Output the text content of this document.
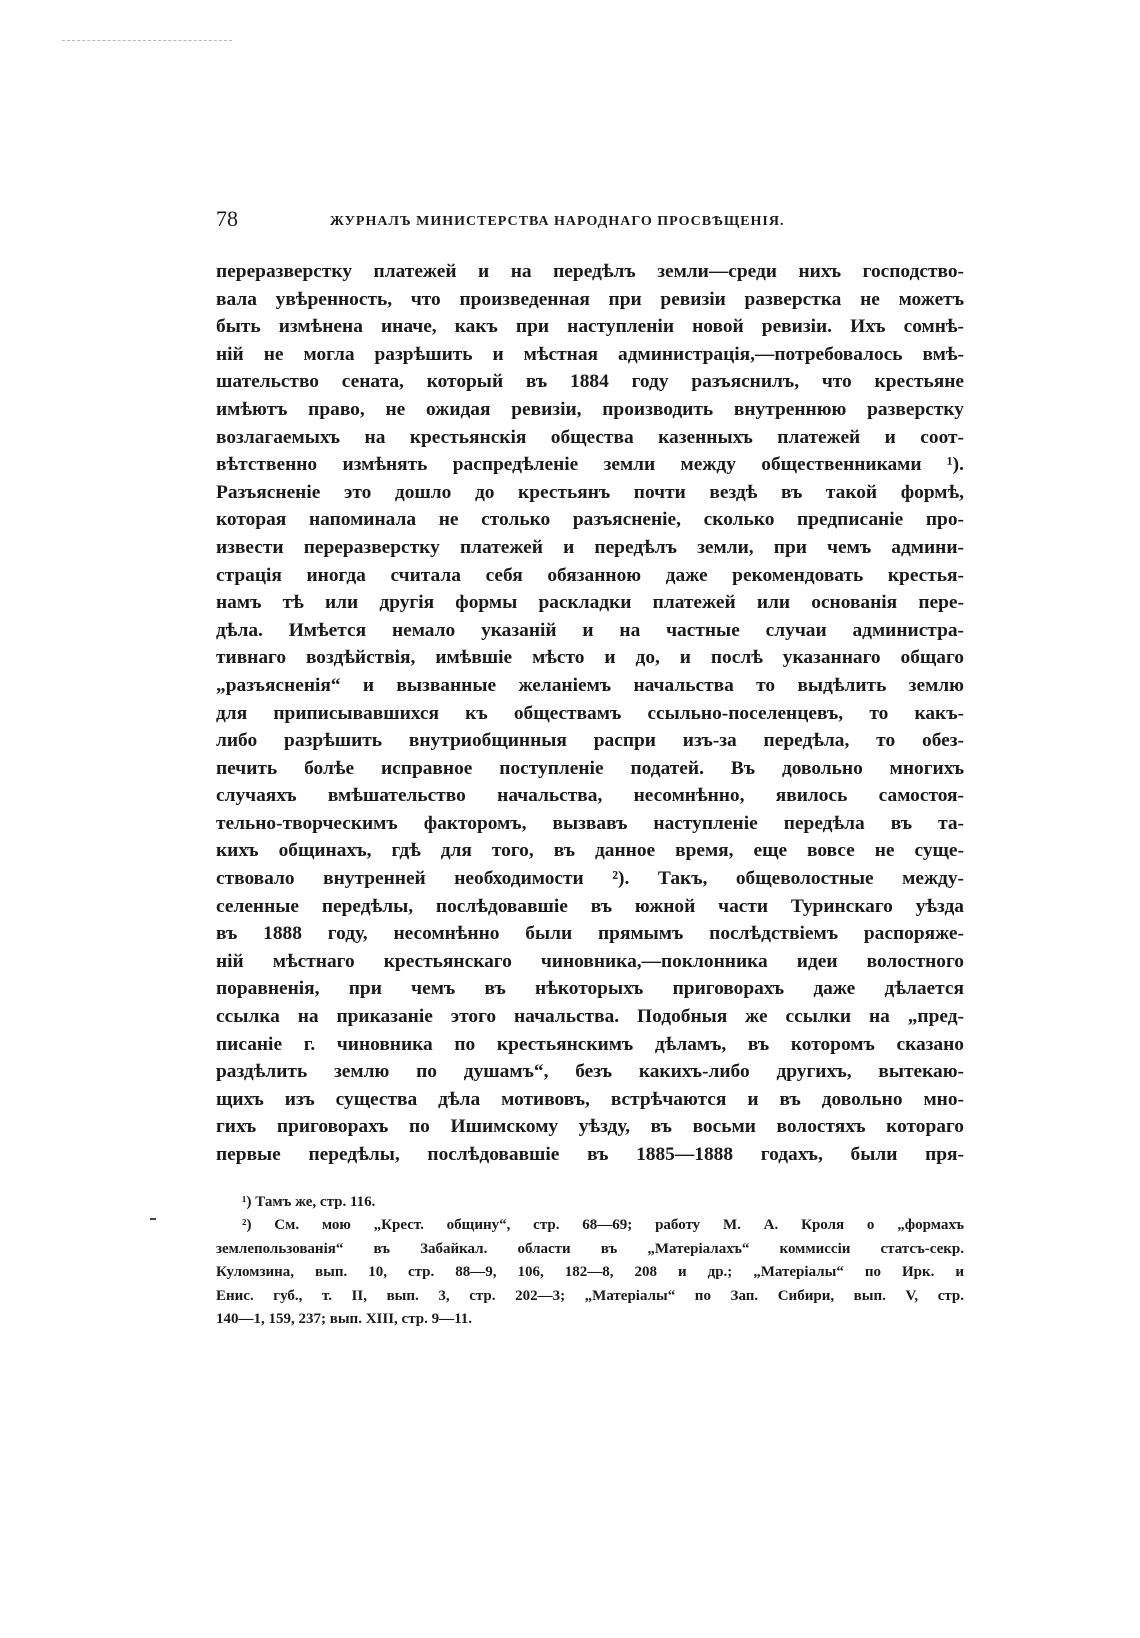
78	ЖУРНАЛЪ МИНИСТЕРСТВА НАРОДНАГО ПРОСВѢЩЕНІЯ.
переразверстку платежей и на передѣлъ земли—среди нихъ господство-
вала увѣренность, что произведенная при ревизіи разверстка не можетъ
быть измѣнена иначе, какъ при наступленіи новой ревизіи. Ихъ сомнѣ-
ній не могла разрѣшить и мѣстная администрація,—потребовалось вмѣ-
шательство сената, который въ 1884 году разъяснилъ, что крестьяне
имѣютъ право, не ожидая ревизіи, производить внутреннюю разверстку
возлагаемыхъ на крестьянскія общества казенныхъ платежей и соот-
вѣтственно измѣнять распредѣленіе земли между общественниками ¹).
Разъясненіе это дошло до крестьянъ почти вездѣ въ такой формѣ,
которая напоминала не столько разъясненіе, сколько предписаніе про-
извести переразверстку платежей и передѣлъ земли, при чемъ админи-
страція иногда считала себя обязанною даже рекомендовать крестья-
намъ тѣ или другія формы раскладки платежей или основанія пере-
дѣла. Имѣется немало указаній и на частные случаи администра-
тивнаго воздѣйствія, имѣвшіе мѣсто и до, и послѣ указаннаго общаго
„разъясненія“ и вызванные желаніемъ начальства то выдѣлить землю
для приписывавшихся къ обществамъ ссыльно-поселенцевъ, то какъ-
либо разрѣшить внутриобщинныя распри изъ-за передѣла, то обез-
печить болѣе исправное поступленіе податей. Въ довольно многихъ
случаяхъ вмѣшательство начальства, несомнѣнно, явилось самостоя-
тельно-творческимъ факторомъ, вызвавъ наступленіе передѣла въ та-
кихъ общинахъ, гдѣ для того, въ данное время, еще вовсе не суще-
ствовало внутренней необходимости ²). Такъ, общеволостные между-
селенные передѣлы, послѣдовавшіе въ южной части Туринскаго уѣзда
въ 1888 году, несомнѣнно были прямымъ послѣдствіемъ распоряже-
ній мѣстнаго крестьянскаго чиновника,—поклонника идеи волостного
поравненія, при чемъ въ нѣкоторыхъ приговорахъ даже дѣлается
ссылка на приказаніе этого начальства. Подобныя же ссылки на „пред-
писаніе г. чиновника по крестьянскимъ дѣламъ, въ которомъ сказано
раздѣлить землю по душамъ“, безъ какихъ-либо другихъ, вытекаю-
щихъ изъ существа дѣла мотивовъ, встрѣчаются и въ довольно мно-
гихъ приговорахъ по Ишимскому уѣзду, въ восьми волостяхъ котораго
первые передѣлы, послѣдовавшіе въ 1885—1888 годахъ, были пря-
¹) Тамъ же, стр. 116.
²) См. мою „Крест. общину“, стр. 68—69; работу М. А. Кроля о „формахъ
землепользованія“ въ Забайкал. области въ „Матеріалахъ“ коммиссіи статсъ-секр.
Куломзина, вып. 10, стр. 88—9, 106, 182—8, 208 и др.; „Матеріалы“ по Ирк. и
Енис. губ., т. II, вып. 3, стр. 202—3; „Матеріалы“ по Зап. Сибири, вып. V, стр.
140—1, 159, 237; вып. XIII, стр. 9—11.
